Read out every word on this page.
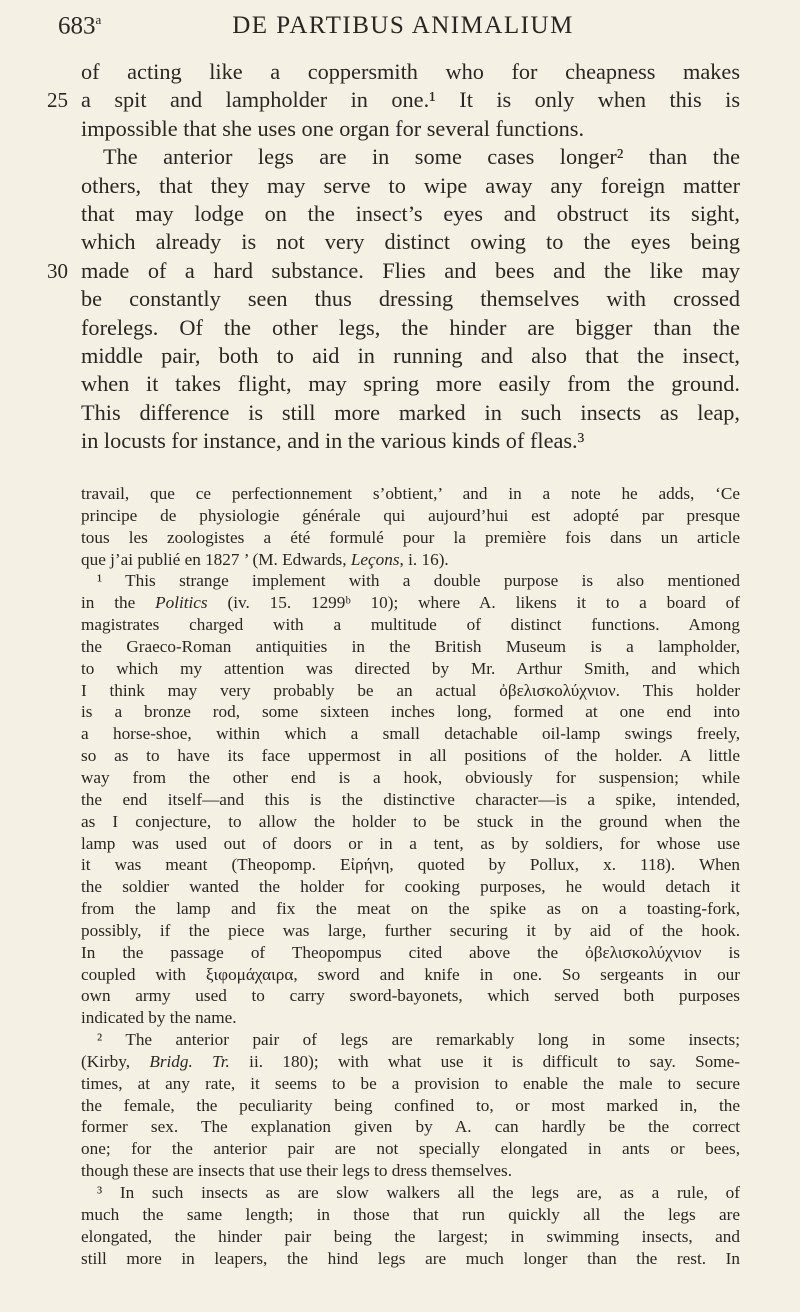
683$^a$	DE PARTIBUS ANIMALIUM
of acting like a coppersmith who for cheapness makes
25 a spit and lampholder in one.¹ It is only when this is
impossible that she uses one organ for several functions.
The anterior legs are in some cases longer² than the
others, that they may serve to wipe away any foreign matter
that may lodge on the insect’s eyes and obstruct its sight,
which already is not very distinct owing to the eyes being
30 made of a hard substance. Flies and bees and the like may
be constantly seen thus dressing themselves with crossed
forelegs. Of the other legs, the hinder are bigger than the
middle pair, both to aid in running and also that the insect,
when it takes flight, may spring more easily from the ground.
This difference is still more marked in such insects as leap,
in locusts for instance, and in the various kinds of fleas.³
travail, que ce perfectionnement s’obtient,’ and in a note he adds, ‘Ce
principe de physiologie générale qui aujourd’hui est adopté par presque
tous les zoologistes a été formulé pour la première fois dans un article
que j’ai publié en 1827 ’ (M. Edwards, Leçons, i. 16).
¹ This strange implement with a double purpose is also mentioned
in the Politics (iv. 15. 1299ᵇ 10); where A. likens it to a board of
magistrates charged with a multitude of distinct functions. Among
the Graeco-Roman antiquities in the British Museum is a lampholder,
to which my attention was directed by Mr. Arthur Smith, and which
I think may very probably be an actual ὀβελισκολύχνιον. This holder
is a bronze rod, some sixteen inches long, formed at one end into
a horse-shoe, within which a small detachable oil-lamp swings freely,
so as to have its face uppermost in all positions of the holder. A little
way from the other end is a hook, obviously for suspension; while
the end itself—and this is the distinctive character—is a spike, intended,
as I conjecture, to allow the holder to be stuck in the ground when the
lamp was used out of doors or in a tent, as by soldiers, for whose use
it was meant (Theopomp. Εἰρήνη, quoted by Pollux, x. 118). When
the soldier wanted the holder for cooking purposes, he would detach it
from the lamp and fix the meat on the spike as on a toasting-fork,
possibly, if the piece was large, further securing it by aid of the hook.
In the passage of Theopompus cited above the ὀβελισκολύχνιον is
coupled with ξιφομάχαιρα, sword and knife in one. So sergeants in our
own army used to carry sword-bayonets, which served both purposes
indicated by the name.
² The anterior pair of legs are remarkably long in some insects;
(Kirby, Bridg. Tr. ii. 180); with what use it is difficult to say. Some-
times, at any rate, it seems to be a provision to enable the male to secure
the female, the peculiarity being confined to, or most marked in, the
former sex. The explanation given by A. can hardly be the correct
one; for the anterior pair are not specially elongated in ants or bees,
though these are insects that use their legs to dress themselves.
³ In such insects as are slow walkers all the legs are, as a rule, of
much the same length; in those that run quickly all the legs are
elongated, the hinder pair being the largest; in swimming insects, and
still more in leapers, the hind legs are much longer than the rest. In
